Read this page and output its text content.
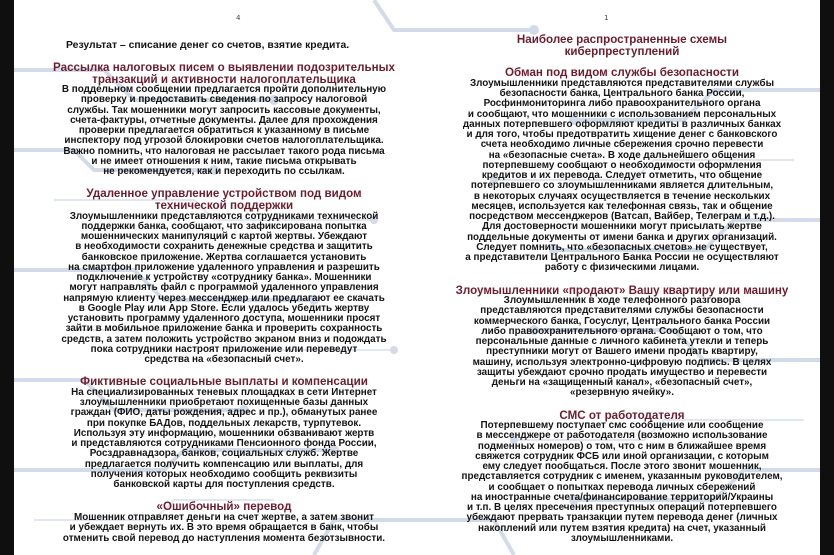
4

Результат – списание денег со счетов, взятие кредита.

Рассылка налоговых писем о выявлении подозрительных
транзакций и активности налогоплательщика
В поддельном сообщении предлагается пройти дополнительную
проверку и предоставить сведения по запросу налоговой
службы. Так мошенники могут запросить кассовые документы,
счета-фактуры, отчетные документы. Далее для прохождения
проверки предлагается обратиться к указанному в письме
инспектору под угрозой блокировки счетов налогоплательщика.
Важно помнить, что налоговая не рассылает такого рода письма
и не имеет отношения к ним, такие письма открывать
не рекомендуется, как и переходить по ссылкам.
Удаленное управление устройством под видом
технической поддержки
Злоумышленники представляются сотрудниками технической
поддержки банка, сообщают, что зафиксирована попытка
мошеннических манипуляций с картой жертвы. Убеждают
в необходимости сохранить денежные средства и защитить
банковское приложение. Жертва соглашается установить
на смартфон приложение удаленного управления и разрешить
подключение к устройству «сотруднику банка». Мошенники
могут направлять файл с программой удаленного управления
напрямую клиенту через мессенджер или предлагают ее скачать
в Google Play или App Store. Если удалось убедить жертву
установить программу удаленного доступа, мошенники просят
зайти в мобильное приложение банка и проверить сохранность
средств, а затем положить устройство экраном вниз и подождать
пока сотрудники настроят приложение или переведут
средства на «безопасный счет».
Фиктивные социальные выплаты и компенсации
На специализированных теневых площадках в сети Интернет
злоумышленники приобретают похищенные базы данных
граждан (ФИО, даты рождения, адрес и пр.), обманутых ранее
при покупке БАДов, поддельных лекарств, турпутевок.
Используя эту информацию, мошенники обзванивают жертв
и представляются сотрудниками Пенсионного фонда России,
Росздравнадзора, банков, социальных служб. Жертве
предлагается получить компенсацию или выплаты, для
получения которых необходимо сообщить реквизиты
банковской карты для поступления средств.
«Ошибочный» перевод
Мошенник отправляет деньги на счет жертве, а затем звонит
и убеждает вернуть их. В это время обращается в банк, чтобы
отменить свой перевод до наступления момента безотзывности.
1
Наиболее распространенные схемы
киберпреступлений
Обман под видом службы безопасности
Злоумышленники представляются представителями службы
безопасности банка, Центрального банка России,
Росфинмониторинга либо правоохранительного органа
и сообщают, что мошенники с использованием персональных
данных потерпевшего оформляют кредиты в различных банках
и для того, чтобы предотвратить хищение денег с банковского
счета необходимо личные сбережения срочно перевести
на «безопасные счета». В ходе дальнейшего общения
потерпевшему сообщают о необходимости оформления
кредитов и их перевода. Следует отметить, что общение
потерпевшего со злоумышленниками является длительным,
в некоторых случаях осуществляется в течение нескольких
месяцев, используется как телефонная связь, так и общение
посредством мессенджеров (Ватсап, Вайбер, Телеграм и т.д.).
Для достоверности мошенники могут присылать жертве
поддельные документы от имени банка и других организаций.
Следует помнить, что «безопасных счетов» не существует,
а представители Центрального Банка России не осуществляют
работу с физическими лицами.
Злоумышленники «продают» Вашу квартиру или машину
Злоумышленник в ходе телефонного разговора
представляются представителями службы безопасности
коммерческого банка, Госуслуг, Центрального банка России
либо правоохранительного органа. Сообщают о том, что
персональные данные с личного кабинета утекли и теперь
преступники могут от Вашего имени продать квартиру,
машину, используя электронно-цифровую подпись. В целях
защиты убеждают срочно продать имущество и перевести
деньги на «защищенный канал», «безопасный счет»,
«резервную ячейку».
СМС от работодателя
Потерпевшему поступает смс сообщение или сообщение
в мессенджере от работодателя (возможно использование
подменных номеров) о том, что с ним в ближайшее время
свяжется сотрудник ФСБ или иной организации, с которым
ему следует пообщаться. После этого звонит мошенник,
представляется сотрудник с именем, указанным руководителем,
и сообщает о попытках перевода личных сбережений
на иностранные счета/финансирование территорий/Украины
и т.п. В целях пресечения преступных операций потерпевшего
убеждают прервать транзакции путем перевода денег (личных
накоплений или путем взятия кредита) на счет, указанный
злоумышленниками.
